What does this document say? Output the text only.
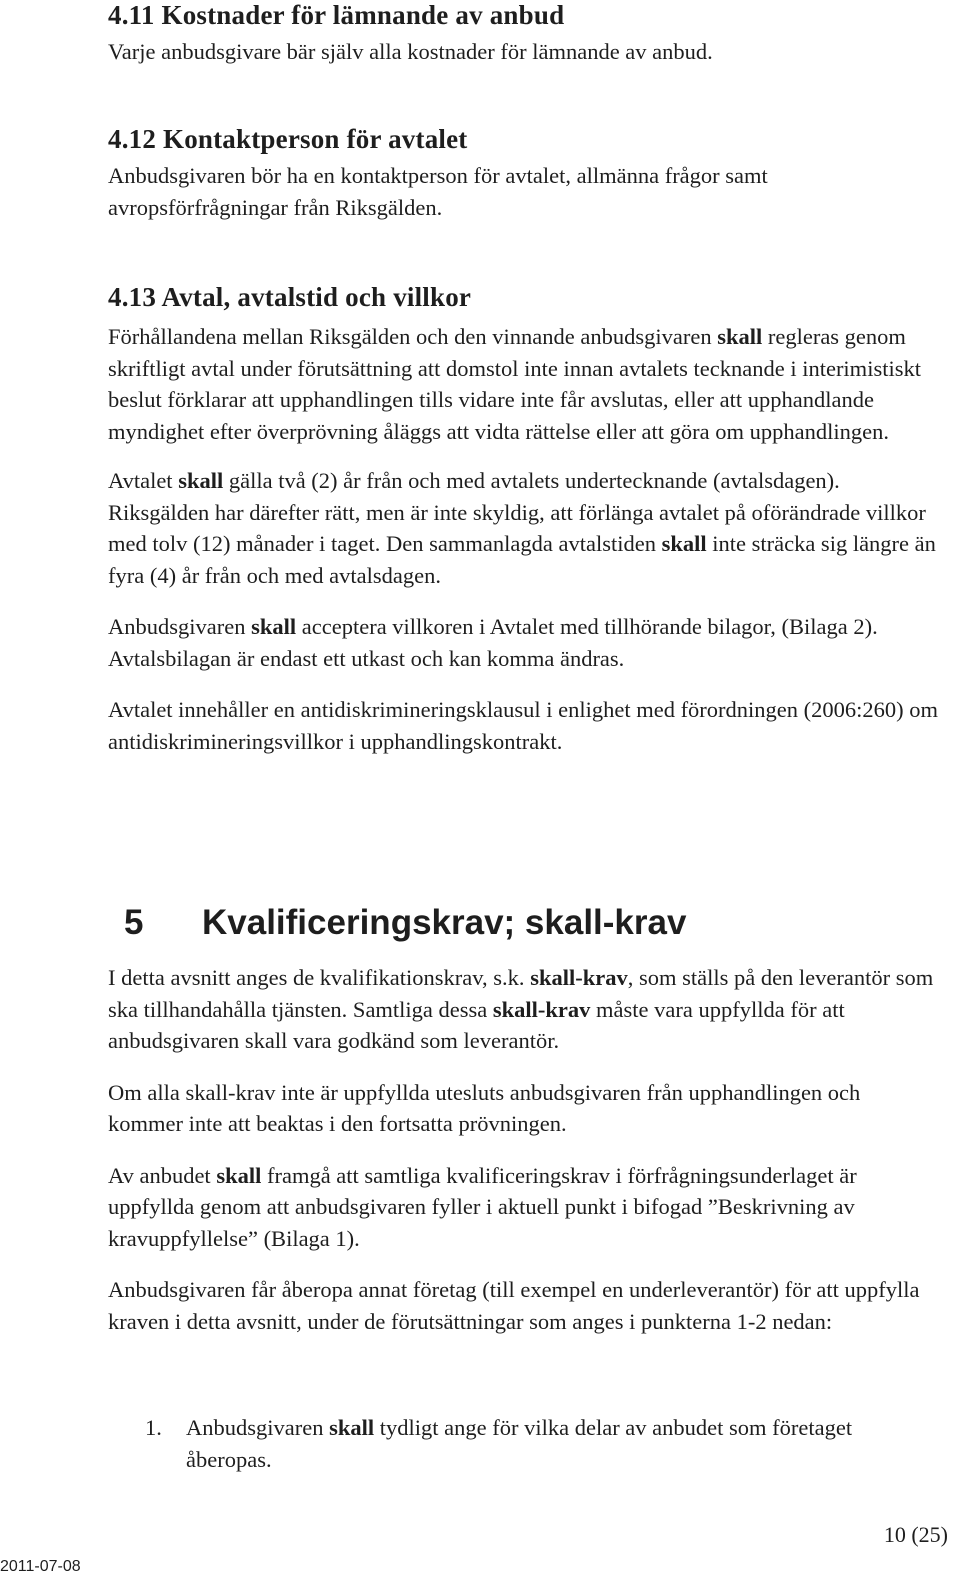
4.11 Kostnader för lämnande av anbud

Varje anbudsgivare bär själv alla kostnader för lämnande av anbud.

4.12 Kontaktperson för avtalet

Anbudsgivaren bör ha en kontaktperson för avtalet, allmänna frågor samt avropsförfrågningar från Riksgälden.

4.13 Avtal, avtalstid och villkor

Förhållandena mellan Riksgälden och den vinnande anbudsgivaren skall regleras genom skriftligt avtal under förutsättning att domstol inte innan avtalets tecknande i interimistiskt beslut förklarar att upphandlingen tills vidare inte får avslutas, eller att upphandlande myndighet efter överprövning åläggs att vidta rättelse eller att göra om upphandlingen.

Avtalet skall gälla två (2) år från och med avtalets undertecknande (avtalsdagen). Riksgälden har därefter rätt, men är inte skyldig, att förlänga avtalet på oförändrade villkor med tolv (12) månader i taget. Den sammanlagda avtalstiden skall inte sträcka sig längre än fyra (4) år från och med avtalsdagen.

Anbudsgivaren skall acceptera villkoren i Avtalet med tillhörande bilagor, (Bilaga 2). Avtalsbilagan är endast ett utkast och kan komma ändras.

Avtalet innehåller en antidiskrimineringsklausul i enlighet med förordningen (2006:260) om antidiskrimineringsvillkor i upphandlingskontrakt.

5 Kvalificeringskrav; skall-krav

I detta avsnitt anges de kvalifikationskrav, s.k. skall-krav, som ställs på den leverantör som ska tillhandahålla tjänsten. Samtliga dessa skall-krav måste vara uppfyllda för att anbudsgivaren skall vara godkänd som leverantör.

Om alla skall-krav inte är uppfyllda utesluts anbudsgivaren från upphandlingen och kommer inte att beaktas i den fortsatta prövningen.

Av anbudet skall framgå att samtliga kvalificeringskrav i förfrågningsunderlaget är uppfyllda genom att anbudsgivaren fyller i aktuell punkt i bifogad ”Beskrivning av kravuppfyllelse” (Bilaga 1).

Anbudsgivaren får åberopa annat företag (till exempel en underleverantör) för att uppfylla kraven i detta avsnitt, under de förutsättningar som anges i punkterna 1-2 nedan:

1. Anbudsgivaren skall tydligt ange för vilka delar av anbudet som företaget åberopas.
10 (25)
2011-07-08
